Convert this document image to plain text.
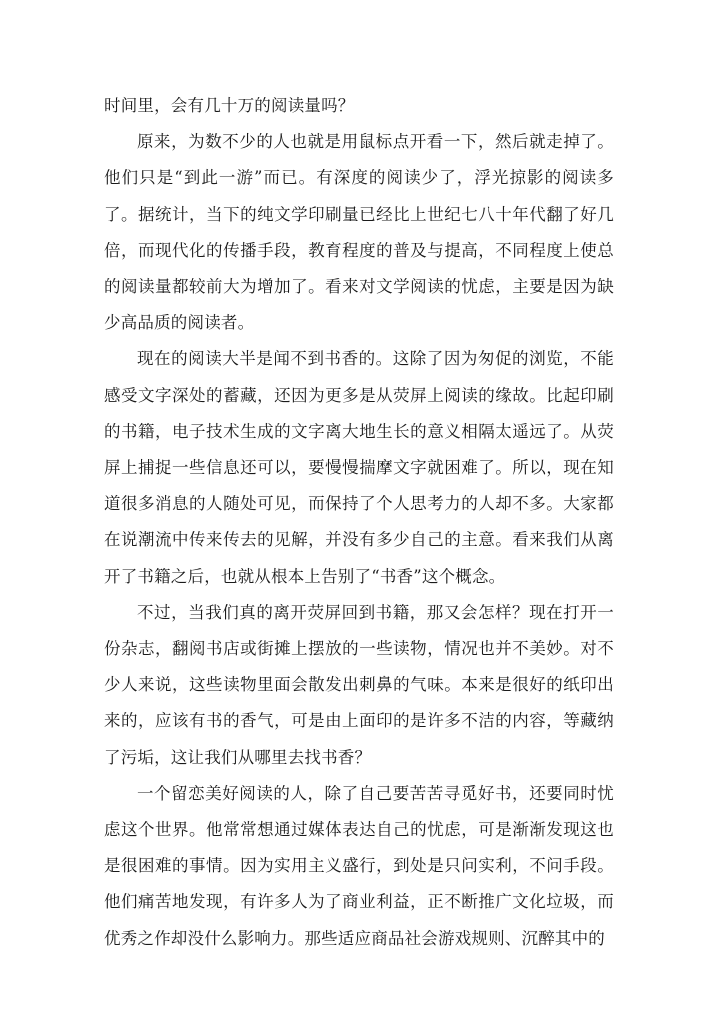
时间里，会有几十万的阅读量吗？

原来，为数不少的人也就是用鼠标点开看一下，然后就走掉了。他们只是“到此一游”而已。有深度的阅读少了，浮光掠影的阅读多了。据统计，当下的纯文学印刷量已经比上世纪七八十年代翻了好几倍，而现代化的传播手段，教育程度的普及与提高，不同程度上使总的阅读量都较前大为增加了。看来对文学阅读的忧虑，主要是因为缺少高品质的阅读者。

现在的阅读大半是闻不到书香的。这除了因为匆促的浏览，不能感受文字深处的蓄藏，还因为更多是从荧屏上阅读的缘故。比起印刷的书籍，电子技术生成的文字离大地生长的意义相隔太遥远了。从荧屏上捕捉一些信息还可以，要慢慢揣摩文字就困难了。所以，现在知道很多消息的人随处可见，而保持了个人思考力的人却不多。大家都在说潮流中传来传去的见解，并没有多少自己的主意。看来我们从离开了书籍之后，也就从根本上告别了“书香”这个概念。

不过，当我们真的离开荧屏回到书籍，那又会怎样？现在打开一份杂志，翻阅书店或街摊上摆放的一些读物，情况也并不美妙。对不少人来说，这些读物里面会散发出刺鼻的气味。本来是很好的纸印出来的，应该有书的香气，可是由上面印的是许多不洁的内容，等藏纳了污垢，这让我们从哪里去找书香？

一个留恋美好阅读的人，除了自己要苦苦寻觅好书，还要同时忧虑这个世界。他常常想通过媒体表达自己的忧虑，可是渐渐发现这也是很困难的事情。因为实用主义盛行，到处是只问实利，不问手段。他们痛苦地发现，有许多人为了商业利益，正不断推广文化垃圾，而优秀之作却没什么影响力。那些适应商品社会游戏规则、沉醉其中的
